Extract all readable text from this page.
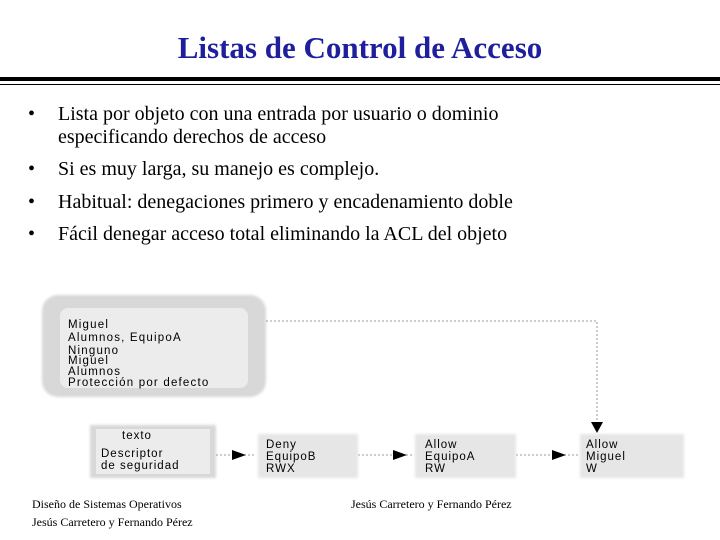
Listas de Control de Acceso
• Lista por objeto con una entrada por usuario o dominio
especificando derechos de acceso
• Si es muy larga, su manejo es complejo.
• Habitual: denegaciones primero y encadenamiento doble
• Fácil denegar acceso total eliminando la ACL del objeto
Miguel Alumnos, EquipoA Ninguno Miguel Alumnos Protección por defecto
texto Descriptor de seguridad
Deny EquipoB RWX
Allow EquipoA RW
Allow Miguel W
Diseño de Sistemas Operativos
Jesús Carretero y Fernando Pérez
Jesús Carretero y Fernando Pérez
